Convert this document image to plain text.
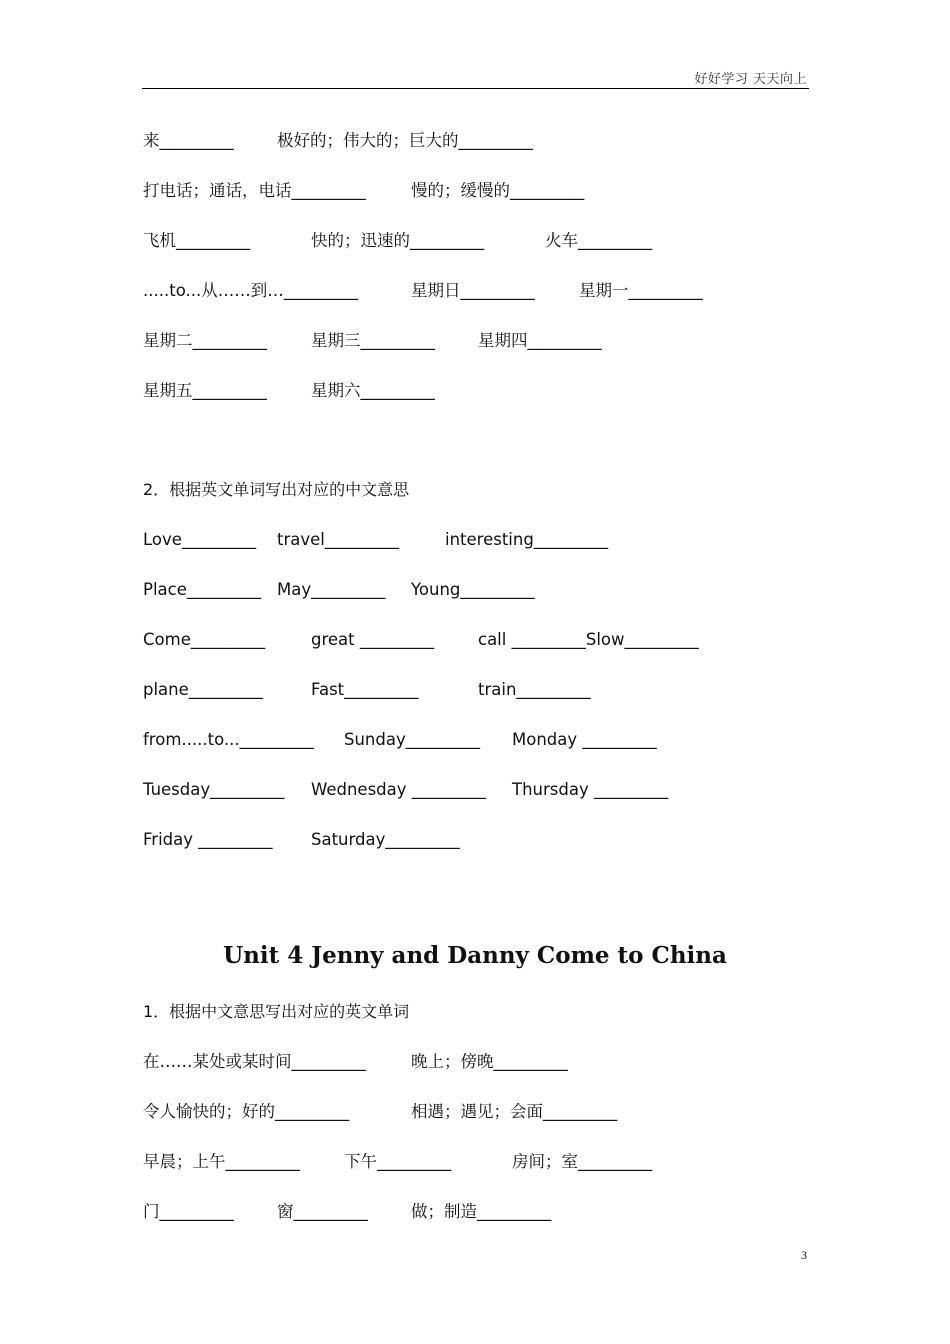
好好学习 天天向上
来_________	极好的；伟大的；巨大的_________
打电话；通话，电话_________	慢的；缓慢的_________
飞机_________	快的；迅速的_________	火车_________
.....to...从……到…_________	星期日_________	星期一_________
星期二_________	星期三_________	星期四_________
星期五_________	星期六_________
2．根据英文单词写出对应的中文意思
Love_________ travel_________	interesting_________
Place_________ May_________ Young_________
Come_________	great _________	call _________Slow_________
plane_________	Fast_________	train_________
from.....to..._________ Sunday_________ Monday _________
Tuesday_________ Wednesday _________ Thursday _________
Friday _________ Saturday_________
Unit 4 Jenny and Danny Come to China
1．根据中文意思写出对应的英文单词
在……某处或某时间_________	晚上；傍晚_________
令人愉快的；好的_________	相遇；遇见；会面_________
早晨；上午_________	下午_________	房间；室_________
门_________	窗_________	做；制造_________
3
